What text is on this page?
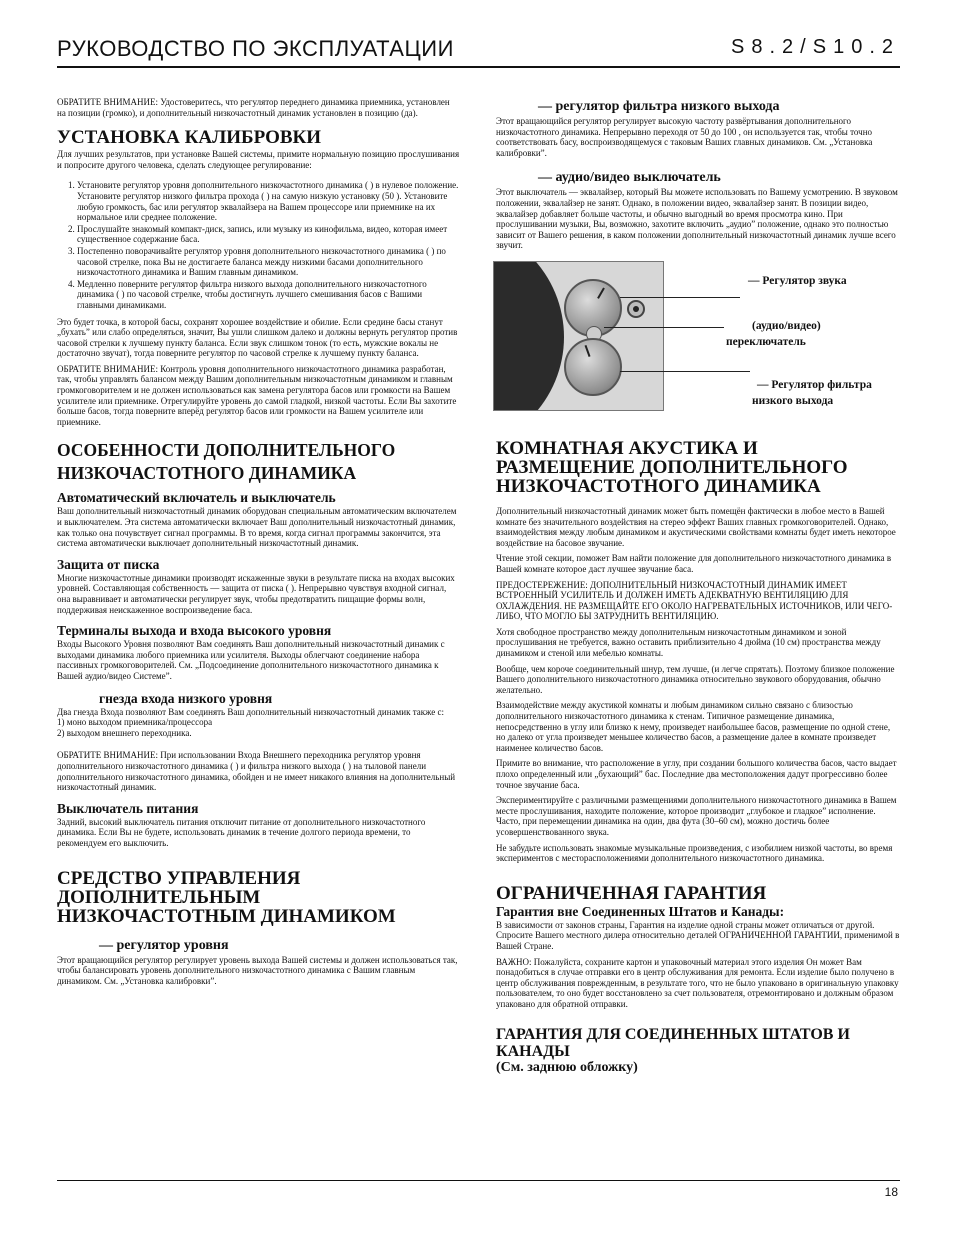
РУКОВОДСТВО ПО ЭКСПЛУАТАЦИИ	S8.2/S10.2

ОБРАТИТЕ ВНИМАНИЕ: Удостоверитесь, что регулятор переднего динамика приемника, установлен на позиции (громко), и дополнительный низкочастотный динамик установлен в позицию (да).

УСТАНОВКА КАЛИБРОВКИ

Для лучших результатов, при установке Вашей системы, примите нормальную позицию прослушивания и попросите другого человека, сделать следующее регулирование:

1. Установите регулятор уровня дополнительного низкочастотного динамика ( ) в нулевое положение. Установите регулятор низкого фильтра прохода ( ) на самую низкую установку (50 ). Установите любую громкость, бас или регулятор эквалайзера на Вашем процессоре или приемнике на их нормальное или среднее положение.
2. Прослушайте знакомый компакт-диск, запись, или музыку из кинофильма, видео, которая имеет существенное содержание баса.
3. Постепенно поворачивайте регулятор уровня дополнительного низкочастотного динамика ( ) по часовой стрелке, пока Вы не достигаете баланса между низкими басами дополнительного низкочастотного динамика и Вашим главным динамиком.
4. Медленно поверните регулятор фильтра низкого выхода дополнительного низкочастотного динамика ( ) по часовой стрелке, чтобы достигнуть лучшего смешивания басов с Вашими главными динамиками.

Это будет точка, в которой басы, сохранят хорошее воздействие и обилие. Если средине басы станут „бухать” или слабо определяться, значит, Вы ушли слишком далеко и должны вернуть регулятор против часовой стрелки к лучшему пункту баланса. Если звук слишком тонок (то есть, мужские вокалы не достаточно звучат), тогда поверните регулятор по часовой стрелке к лучшему пункту баланса.

ОБРАТИТЕ ВНИМАНИЕ: Контроль уровня дополнительного низкочастотного динамика разработан, так, чтобы управлять балансом между Вашим дополнительным низкочастотным динамиком и главным громкоговорителем и не должен использоваться как замена регулятора басов или громкости на Вашем усилителе или приемнике. Отрегулируйте уровень до самой гладкой, низкой частоты. Если Вы захотите больше басов, тогда поверните вперёд регулятор басов или громкости на Вашем усилителе или приемнике.

ОСОБЕННОСТИ ДОПОЛНИТЕЛЬНОГО НИЗКОЧАСТОТНОГО ДИНАМИКА
Автоматический включатель и выключатель

Ваш дополнительный низкочастотный динамик оборудован специальным автоматическим включателем и выключателем. Эта система автоматически включает Ваш дополнительный низкочастотный динамик, как только она почувствует сигнал программы. В то время, когда сигнал программы закончится, эта система автоматически выключает дополнительный низкочастотный динамик.

Защита от писка

Многие низкочастотные динамики производят искаженные звуки в результате писка на входах высоких уровней. Составляющая собственность — защита от писка ( ). Непрерывно чувствуя входной сигнал, она выравнивает и автоматически регулирует звук, чтобы предотвратить пищащие формы волн, поддерживая неискаженное воспроизведение баса.

Терминалы выхода и входа высокого уровня

Входы Высокого Уровня позволяют Вам соединять Ваш дополнительный низкочастотный динамик с выходами динамика любого приемника или усилителя. Выходы облегчают соединение набора пассивных громкоговорителей. См. „Подсоединение дополнительного низкочастотного динамика к Вашей аудио/видео Системе”.

гнезда входа низкого уровня

Два гнезда Входа позволяют Вам соединять Ваш дополнительный низкочастотный динамик также с:

1) моно выходом приемника/процессора
2) выходом внешнего переходника.

ОБРАТИТЕ ВНИМАНИЕ: При использовании Входа Внешнего переходника регулятор уровня дополнительного низкочастотного динамика ( ) и фильтра низкого выхода ( ) на тыловой панели дополнительного низкочастотного динамика, обойден и не имеет никакого влияния на дополнительный низкочастотный динамик.

Выключатель питания

Задний, высокий выключатель питания отключит питание от дополнительного низкочастотного динамика. Если Вы не будете, использовать динамик в течение долгого периода времени, то рекомендуем его выключить.

СРЕДСТВО УПРАВЛЕНИЯ ДОПОЛНИТЕЛЬНЫМ НИЗКОЧАСТОТНЫМ ДИНАМИКОМ
— регулятор уровня

Этот вращающийся регулятор регулирует уровень выхода Вашей системы и должен использоваться так, чтобы балансировать уровень дополнительного низкочастотного динамика с Вашим главным динамиком. См. „Установка калибровки”.

— регулятор фильтра низкого выхода

Этот вращающийся регулятор регулирует высокую частоту развёртывания дополнительного низкочастотного динамика. Непрерывно переходя от 50 до 100 , он используется так, чтобы точно соответствовать басу, воспроизводящемуся с таковым Ваших главных динамиков. См. „Установка калибровки”.

— аудио/видео выключатель

Этот выключатель — эквалайзер, который Вы можете использовать по Вашему усмотрению. В звуковом положении, эквалайзер не занят. Однако, в положении видео, эквалайзер занят. В позиции видео, эквалайзер добавляет больше частоты, и обычно выгодный во время просмотра кино. При прослушивании музыки, Вы, возможно, захотите включить „аудио” положение, однако это полностью зависит от Вашего решения, в каком положении дополнительный низкочастотный динамик лучше всего звучит.

— Регулятор звука
(аудио/видео)
переключатель
— Регулятор фильтра
низкого выхода
КОМНАТНАЯ АКУСТИКА И РАЗМЕЩЕНИЕ ДОПОЛНИТЕЛЬНОГО НИЗКОЧАСТОТНОГО ДИНАМИКА

Дополнительный низкочастотный динамик может быть помещён фактически в любое место в Вашей комнате без значительного воздействия на стерео эффект Ваших главных громкоговорителей. Однако, взаимодействия между любым динамиком и акустическими свойствами комнаты будет иметь некоторое воздействие на басовое звучание.

Чтение этой секции, поможет Вам найти положение для дополнительного низкочастотного динамика в Вашей комнате которое даст лучшее звучание баса.

ПРЕДОСТЕРЕЖЕНИЕ: ДОПОЛНИТЕЛЬНЫЙ НИЗКОЧАСТОТНЫЙ ДИНАМИК ИМЕЕТ ВСТРОЕННЫЙ УСИЛИТЕЛЬ И ДОЛЖЕН ИМЕТЬ АДЕКВАТНУЮ ВЕНТИЛЯЦИЮ ДЛЯ ОХЛАЖДЕНИЯ. НЕ РАЗМЕЩАЙТЕ ЕГО ОКОЛО НАГРЕВАТЕЛЬНЫХ ИСТОЧНИКОВ, ИЛИ ЧЕГО-ЛИБО, ЧТО МОГЛО БЫ ЗАТРУДНИТЬ ВЕНТИЛЯЦИЮ.

Хотя свободное пространство между дополнительным низкочастотным динамиком и зоной прослушивания не требуется, важно оставить приблизительно 4 дюйма (10 см) пространства между динамиком и стеной или мебелью комнаты.

Вообще, чем короче соединительный шнур, тем лучше, (и легче спрятать). Поэтому близкое положение Вашего дополнительного низкочастотного динамика относительно звукового оборудования, обычно желательно.

Взаимодействие между акустикой комнаты и любым динамиком сильно связано с близостью дополнительного низкочастотного динамика к стенам. Типичное размещение динамика, непосредственно в углу или близко к нему, произведет наибольшее басов, размещение по одной стене, но далеко от угла произведет меньшее количество басов, а размещение далее в комнате произведет наименее количество басов.

Примите во внимание, что расположение в углу, при создании большого количества басов, часто выдает плохо определенный или „бухающий” бас. Последние два местоположения дадут прогрессивно более точное звучание баса.

Экспериментируйте с различными размещениями дополнительного низкочастотного динамика в Вашем месте прослушивания, находите положение, которое производит „глубокое и гладкое” исполнение. Часто, при перемещении динамика на один, два фута (30–60 см), можно достичь более усовершенствованного звука.

Не забудьте использовать знакомые музыкальные произведения, с изобилием низкой частоты, во время экспериментов с месторасположениями дополнительного низкочастотного динамика.

ОГРАНИЧЕННАЯ ГАРАНТИЯ
Гарантия вне Соединенных Штатов и Канады:

В зависимости от законов страны, Гарантия на изделие одной страны может отличаться от другой. Спросите Вашего местного дилера относительно деталей ОГРАНИЧЕННОЙ ГАРАНТИИ, применимой в Вашей Стране.

ВАЖНО: Пожалуйста, сохраните картон и упаковочный материал этого изделия Он может Вам понадобиться в случае отправки его в центр обслуживания для ремонта. Если изделие было получено в центр обслуживания поврежденным, в результате того, что не было упаковано в оригинальную упаковку пользователем, то оно будет восстановлено за счет пользователя, отремонтировано и должным образом упаковано для обратной отправки.

ГАРАНТИЯ ДЛЯ СОЕДИНЕННЫХ ШТАТОВ И КАНАДЫ
(См. заднюю обложку)
18
